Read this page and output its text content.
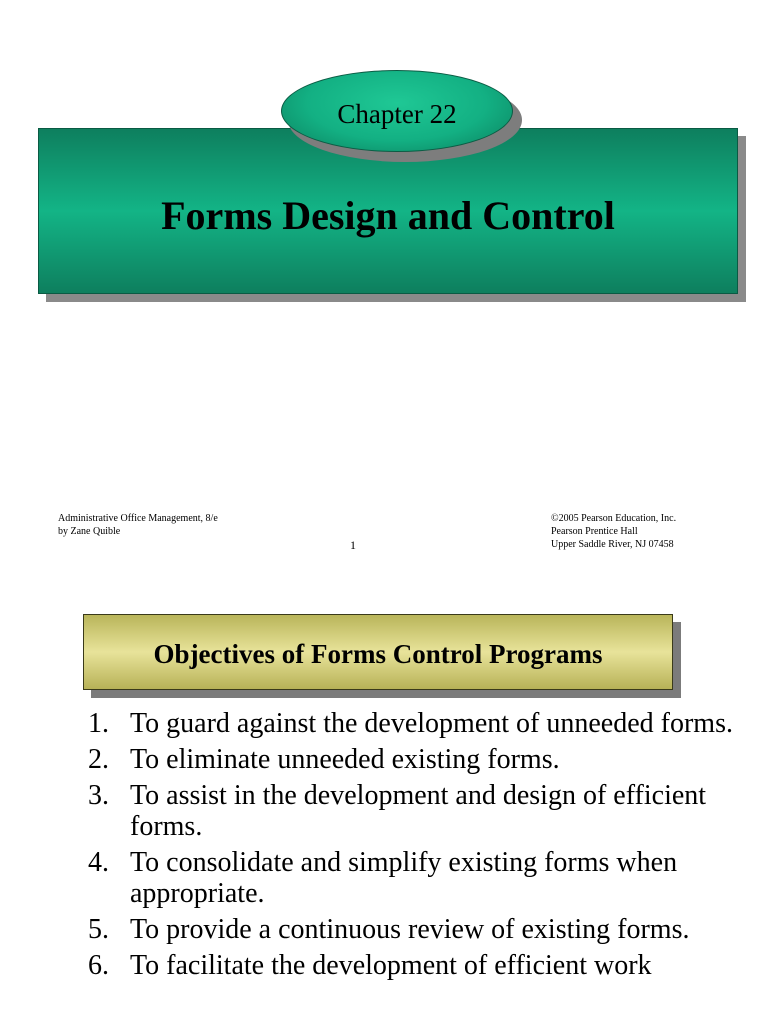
Forms Design and Control
Chapter 22
Administrative Office Management, 8/e
by Zane Quible
1
©2005 Pearson Education, Inc.
Pearson Prentice Hall
Upper Saddle River, NJ 07458
Objectives of Forms Control Programs
1. To guard against the development of unneeded forms.
2. To eliminate unneeded existing forms.
3. To assist in the development and design of efficient forms.
4. To consolidate and simplify existing forms when appropriate.
5. To provide a continuous review of existing forms.
6. To facilitate the development of efficient work
